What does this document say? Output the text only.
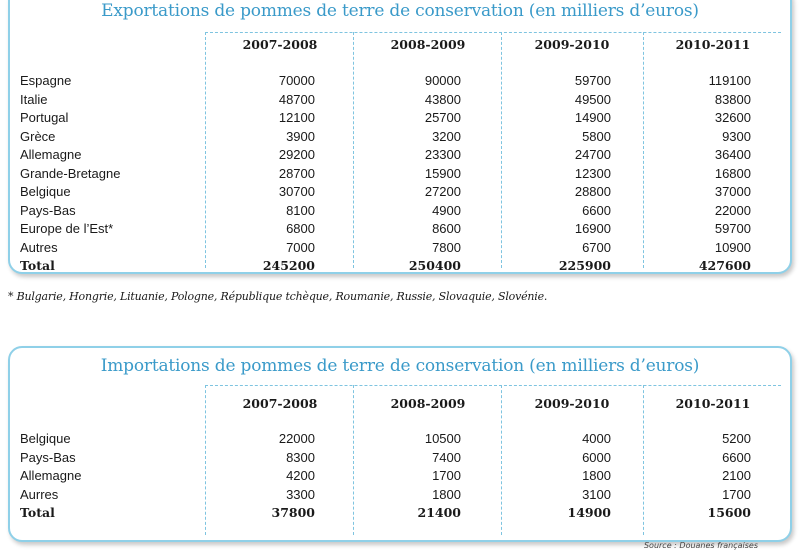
Exportations de pommes de terre de conservation (en milliers d’euros)
2007-2008	2008-2009	2009-2010	2010-2011
Espagne	70000	90000	59700	119100
Italie	48700	43800	49500	83800
Portugal	12100	25700	14900	32600
Grèce	3900	3200	5800	9300
Allemagne	29200	23300	24700	36400
Grande-Bretagne	28700	15900	12300	16800
Belgique	30700	27200	28800	37000
Pays-Bas	8100	4900	6600	22000
Europe de l’Est*	6800	8600	16900	59700
Autres	7000	7800	6700	10900
Total	245200	250400	225900	427600
* Bulgarie, Hongrie, Lituanie, Pologne, République tchèque, Roumanie, Russie, Slovaquie, Slovénie.
Importations de pommes de terre de conservation (en milliers d’euros)
2007-2008	2008-2009	2009-2010	2010-2011
Belgique	22000	10500	4000	5200
Pays-Bas	8300	7400	6000	6600
Allemagne	4200	1700	1800	2100
Aurres	3300	1800	3100	1700
Total	37800	21400	14900	15600
Source : Douanes françaises
